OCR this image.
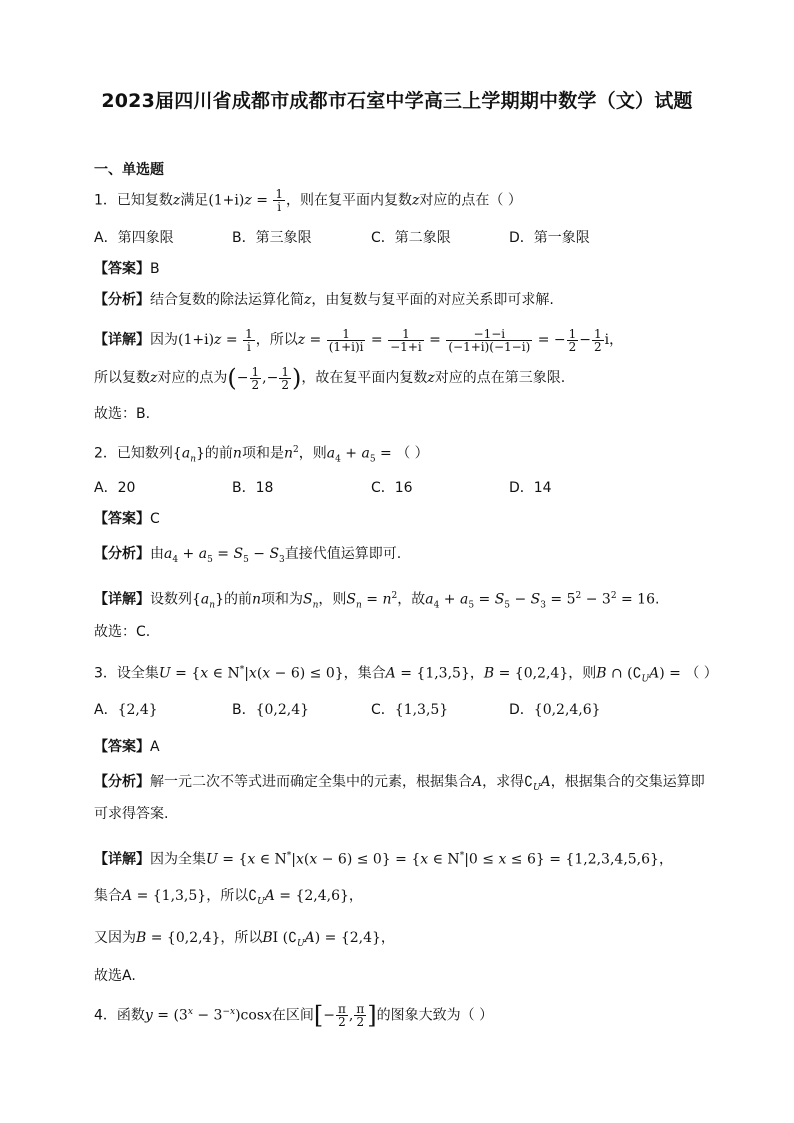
2023届四川省成都市成都市石室中学高三上学期期中数学（文）试题
一、单选题
1．已知复数z满足$(1+i)z = \frac{1}{i}$ ，则在复平面内复数z对应的点在（ ）
A．第四象限	B．第三象限	C．第二象限	D．第一象限
【答案】B
【分析】结合复数的除法运算化简z，由复数与复平面的对应关系即可求解.
【详解】因为$(1+i)z = \frac{1}{i}$ ，所以$z = \frac{1}{(1+i)i} = \frac{1}{-1+i} = \frac{-1-i}{(-1+i)(-1-i)}$ = − $\frac{1}{2} - \frac{1}{2}$ i，
所以复数z对应的点为(− $\frac{1}{2}$ ,− $\frac{1}{2}$ )，故在复平面内复数z对应的点在第三象限.
故选：B.
2．已知数列$\{a_n\}$的前n项和是$n^2$，则$a_4 + a_5$ = （ ）
A．20	B．18	C．16	D．14
【答案】C
【分析】由$a_4 + a_5 = S_5 - S_3$直接代值运算即可.
【详解】设数列$\{a_n\}$的前n项和为$S_n$，则$S_n = n^2$，故$a_4 + a_5 = S_5 - S_3 = 5^2 - 3^2 = 16$.
故选：C.
3．设全集U = {x ∈ N*|x(x − 6) ≤ 0}，集合A = {1,3,5}，B = {0,2,4}，则B ∩ $(∁_UA)$ = （ ）
A．{2,4}	B．{0,2,4}	C．{1,3,5}	D．{0,2,4,6}
【答案】A
【分析】解一元二次不等式进而确定全集中的元素，根据集合A，求得$∁_UA$，根据集合的交集运算即
可求得答案.
【详解】因为全集U = {x ∈ N*|x(x − 6) ≤ 0} = {x ∈ N*|0 ≤ x ≤ 6} = {1,2,3,4,5,6}，
集合A = {1,3,5}，所以$∁_UA = \{2,4,6\}$，
又因为B = {0,2,4}，所以BI $(∁_UA) = \{2,4\}$，
故选A.
4．函数$y = (3^x - 3^{-x})\cos x$在区间[− $\frac{\pi}{2}$ , $\frac{\pi}{2}$ ]的图象大致为（ ）
